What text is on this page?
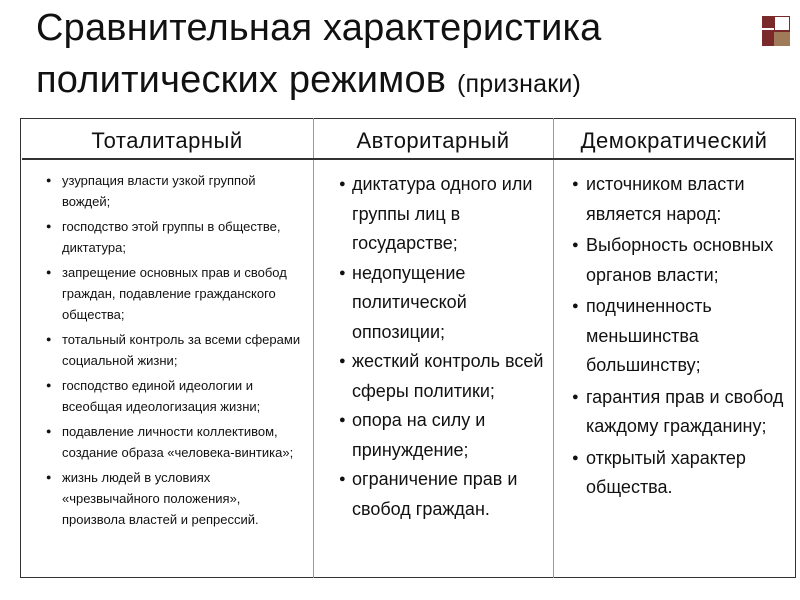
Сравнительная характеристика
политических режимов (признаки)
Тоталитарный	Авторитарный	Демократический
● узурпация власти узкой группой вождей;
● господство этой группы в обществе, диктатура;
● запрещение основных прав и свобод граждан, подавление гражданского общества;
● тотальный контроль за всеми сферами социальной жизни;
● господство единой идеологии и всеобщая идеологизация жизни;
● подавление личности коллективом, создание образа «человека-винтика»;
● жизнь людей в условиях «чрезвычайного положения», произвола властей и репрессий.
● диктатура одного или группы лиц в государстве;
● недопущение политической оппозиции;
● жесткий контроль всей сферы политики;
● опора на силу и принуждение;
● ограничение прав и свобод граждан.
● источником власти является народ:
● Выборность основных органов власти;
● подчиненность меньшинства большинству;
● гарантия прав и свобод каждому гражданину;
● открытый характер общества.
